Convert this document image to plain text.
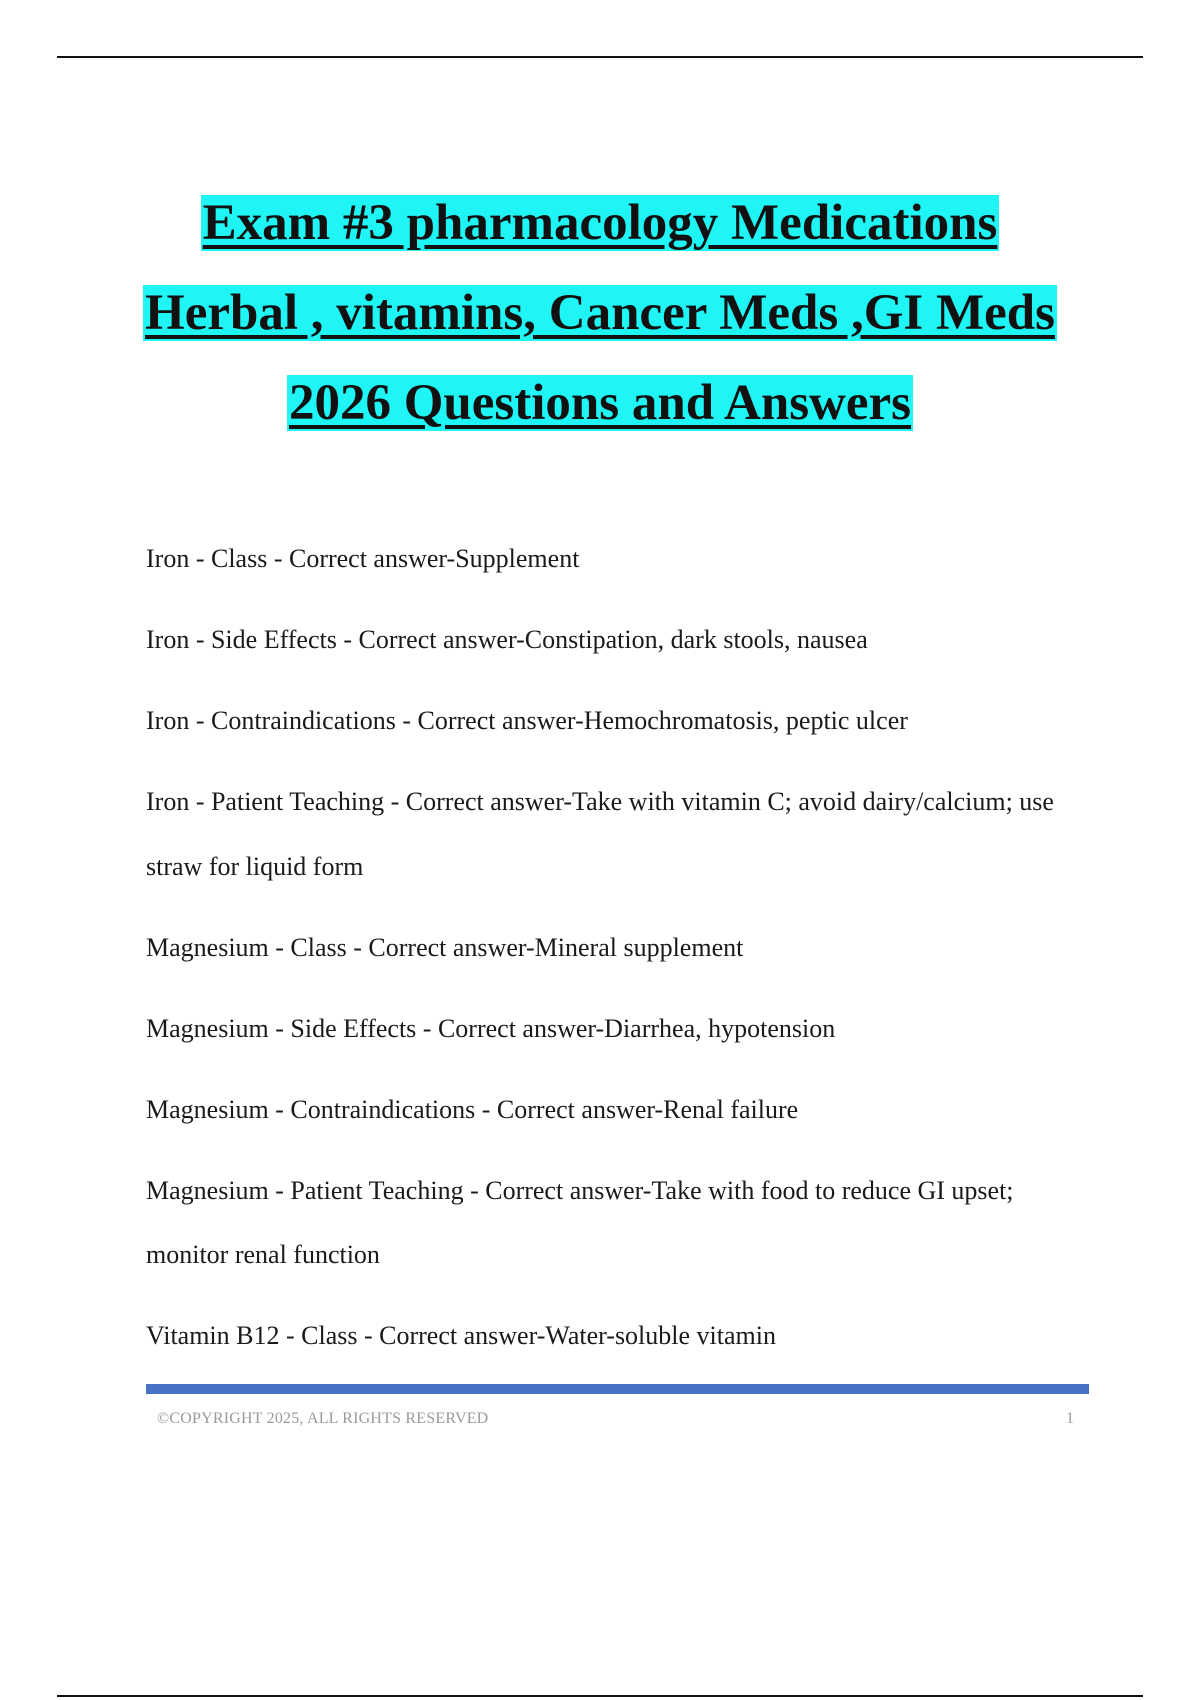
Exam #3 pharmacology Medications
Herbal , vitamins, Cancer Meds ,GI Meds
2026 Questions and Answers
Iron - Class - Correct answer-Supplement
Iron - Side Effects - Correct answer-Constipation, dark stools, nausea
Iron - Contraindications - Correct answer-Hemochromatosis, peptic ulcer
Iron - Patient Teaching - Correct answer-Take with vitamin C; avoid dairy/calcium; use straw for liquid form
Magnesium - Class - Correct answer-Mineral supplement
Magnesium - Side Effects - Correct answer-Diarrhea, hypotension
Magnesium - Contraindications - Correct answer-Renal failure
Magnesium - Patient Teaching - Correct answer-Take with food to reduce GI upset; monitor renal function
Vitamin B12 - Class - Correct answer-Water-soluble vitamin
©COPYRIGHT 2025, ALL RIGHTS RESERVED	1
